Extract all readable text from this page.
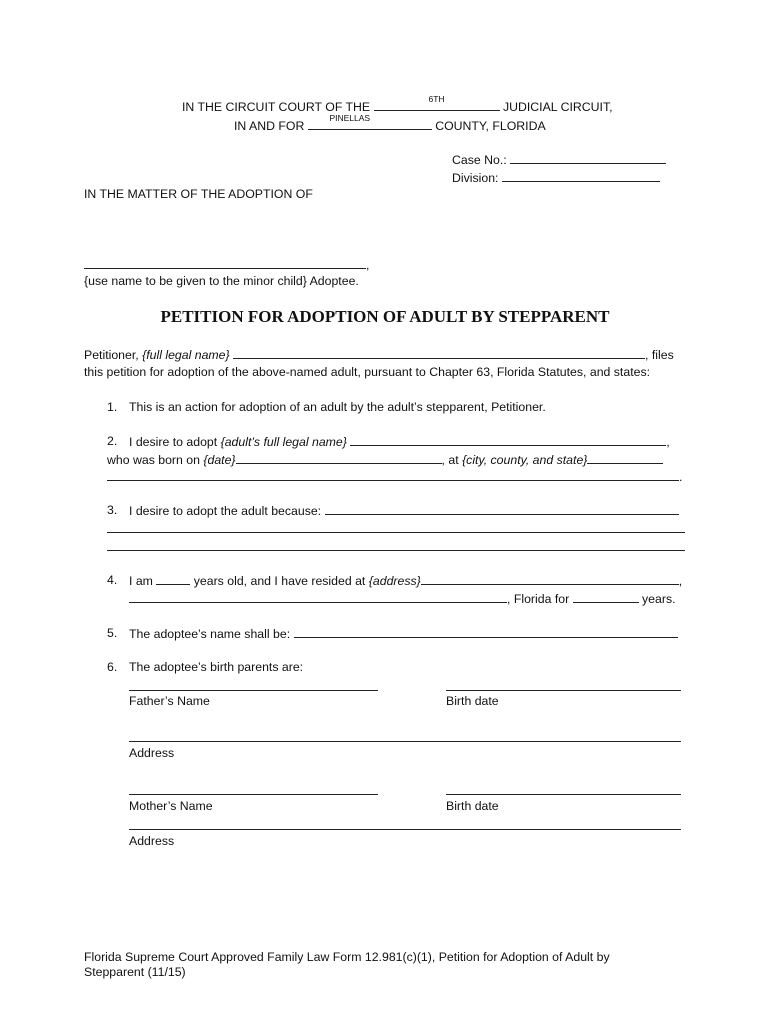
IN THE CIRCUIT COURT OF THE
6TH
JUDICIAL CIRCUIT,
IN AND FOR
PINELLAS
COUNTY, FLORIDA
Case No.:
Division:
IN THE MATTER OF THE ADOPTION OF
,
{use name to be given to the minor child} Adoptee.
PETITION FOR ADOPTION OF ADULT BY STEPPARENT
Petitioner, {full legal name}	, files
this petition for adoption of the above-named adult, pursuant to Chapter 63, Florida Statutes, and states:
1. This is an action for adoption of an adult by the adult’s stepparent, Petitioner.
2. I desire to adopt {adult’s full legal name}	,
who was born on {date}	, at {city, county, and state}
.
3. I desire to adopt the adult because:
4. I am	years old, and I have resided at {address}	,
, Florida for	years.
5. The adoptee’s name shall be:
6. The adoptee’s birth parents are:
Father’s Name	Birth date
Address
Mother’s Name	Birth date
Address
Florida Supreme Court Approved Family Law Form 12.981(c)(1), Petition for Adoption of Adult by
Stepparent (11/15)
